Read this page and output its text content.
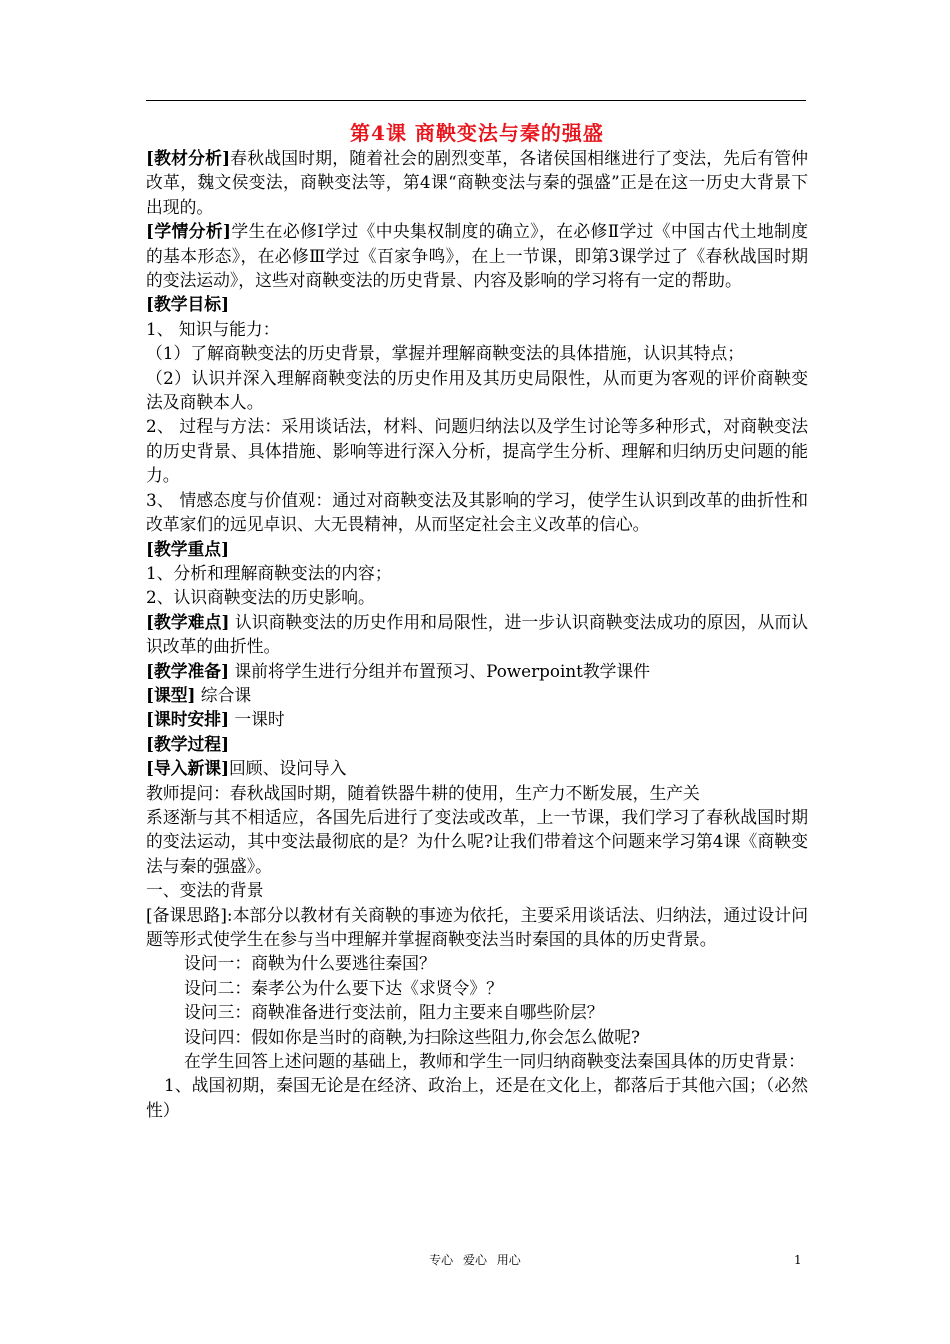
第4课 商鞅变法与秦的强盛

[教材分析]春秋战国时期，随着社会的剧烈变革，各诸侯国相继进行了变法，先后有管仲改革，魏文侯变法，商鞅变法等，第4课“商鞅变法与秦的强盛”正是在这一历史大背景下出现的。

[学情分析]学生在必修Ⅰ学过《中央集权制度的确立》，在必修Ⅱ学过《中国古代土地制度的基本形态》，在必修Ⅲ学过《百家争鸣》，在上一节课，即第3课学过了《春秋战国时期的变法运动》，这些对商鞅变法的历史背景、内容及影响的学习将有一定的帮助。

[教学目标]

1、 知识与能力：

（1）了解商鞅变法的历史背景，掌握并理解商鞅变法的具体措施，认识其特点；

（2）认识并深入理解商鞅变法的历史作用及其历史局限性，从而更为客观的评价商鞅变法及商鞅本人。

2、 过程与方法：采用谈话法，材料、问题归纳法以及学生讨论等多种形式，对商鞅变法的历史背景、具体措施、影响等进行深入分析，提高学生分析、理解和归纳历史问题的能力。

3、 情感态度与价值观：通过对商鞅变法及其影响的学习，使学生认识到改革的曲折性和改革家们的远见卓识、大无畏精神，从而坚定社会主义改革的信心。

[教学重点]

1、分析和理解商鞅变法的内容；

2、认识商鞅变法的历史影响。

[教学难点] 认识商鞅变法的历史作用和局限性，进一步认识商鞅变法成功的原因，从而认识改革的曲折性。

[教学准备] 课前将学生进行分组并布置预习、Powerpoint教学课件

[课型] 综合课

[课时安排] 一课时

[教学过程]

[导入新课]回顾、设问导入

教师提问：春秋战国时期，随着铁器牛耕的使用，生产力不断发展，生产关

系逐渐与其不相适应，各国先后进行了变法或改革，上一节课，我们学习了春秋战国时期的变法运动，其中变法最彻底的是？为什么呢?让我们带着这个问题来学习第4课《商鞅变法与秦的强盛》。

一、变法的背景

[备课思路]:本部分以教材有关商鞅的事迹为依托，主要采用谈话法、归纳法，通过设计问题等形式使学生在参与当中理解并掌握商鞅变法当时秦国的具体的历史背景。

设问一：商鞅为什么要逃往秦国？

设问二：秦孝公为什么要下达《求贤令》？

设问三：商鞅准备进行变法前，阻力主要来自哪些阶层？

设问四：假如你是当时的商鞅,为扫除这些阻力,你会怎么做呢?

在学生回答上述问题的基础上，教师和学生一同归纳商鞅变法秦国具体的历史背景：

1、战国初期，秦国无论是在经济、政治上，还是在文化上，都落后于其他六国；（必然性）

专心 爱心 用心	1
